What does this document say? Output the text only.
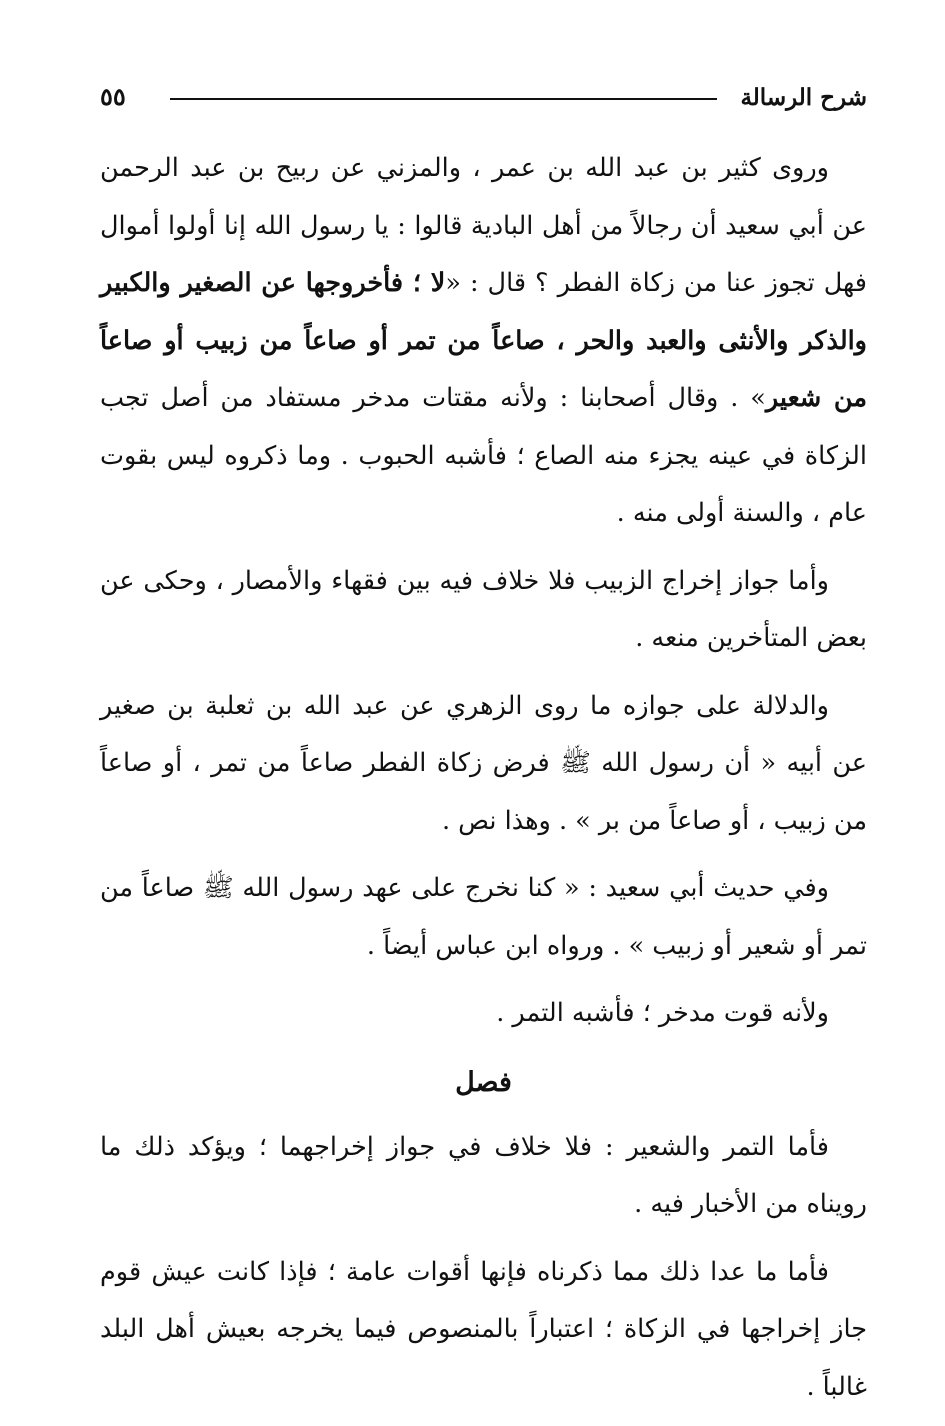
شرح الرسالة
٥٥

وروى كثير بن عبد الله بن عمر ، والمزني عن ربيح بن عبد الرحمن عن أبي سعيد أن رجالاً من أهل البادية قالوا : يا رسول الله إنا أولوا أموال فهل تجوز عنا من زكاة الفطر ؟ قال : «لا ؛ فأخروجها عن الصغير والكبير والذكر والأنثى والعبد والحر ، صاعاً من تمر أو صاعاً من زبيب أو صاعاً من شعير» . وقال أصحابنا : ولأنه مقتات مدخر مستفاد من أصل تجب الزكاة في عينه يجزء منه الصاع ؛ فأشبه الحبوب . وما ذكروه ليس بقوت عام ، والسنة أولى منه .

وأما جواز إخراج الزبيب فلا خلاف فيه بين فقهاء والأمصار ، وحكى عن بعض المتأخرين منعه .

والدلالة على جوازه ما روى الزهري عن عبد الله بن ثعلبة بن صغير عن أبيه « أن رسول الله ﷺ فرض زكاة الفطر صاعاً من تمر ، أو صاعاً من زبيب ، أو صاعاً من بر » . وهذا نص .

وفي حديث أبي سعيد : « كنا نخرج على عهد رسول الله ﷺ صاعاً من تمر أو شعير أو زبيب » . ورواه ابن عباس أيضاً .

ولأنه قوت مدخر ؛ فأشبه التمر .

فصل

فأما التمر والشعير : فلا خلاف في جواز إخراجهما ؛ ويؤكد ذلك ما رويناه من الأخبار فيه .

فأما ما عدا ذلك مما ذكرناه فإنها أقوات عامة ؛ فإذا كانت عيش قوم جاز إخراجها في الزكاة ؛ اعتباراً بالمنصوص فيما يخرجه بعيش أهل البلد غالباً .
